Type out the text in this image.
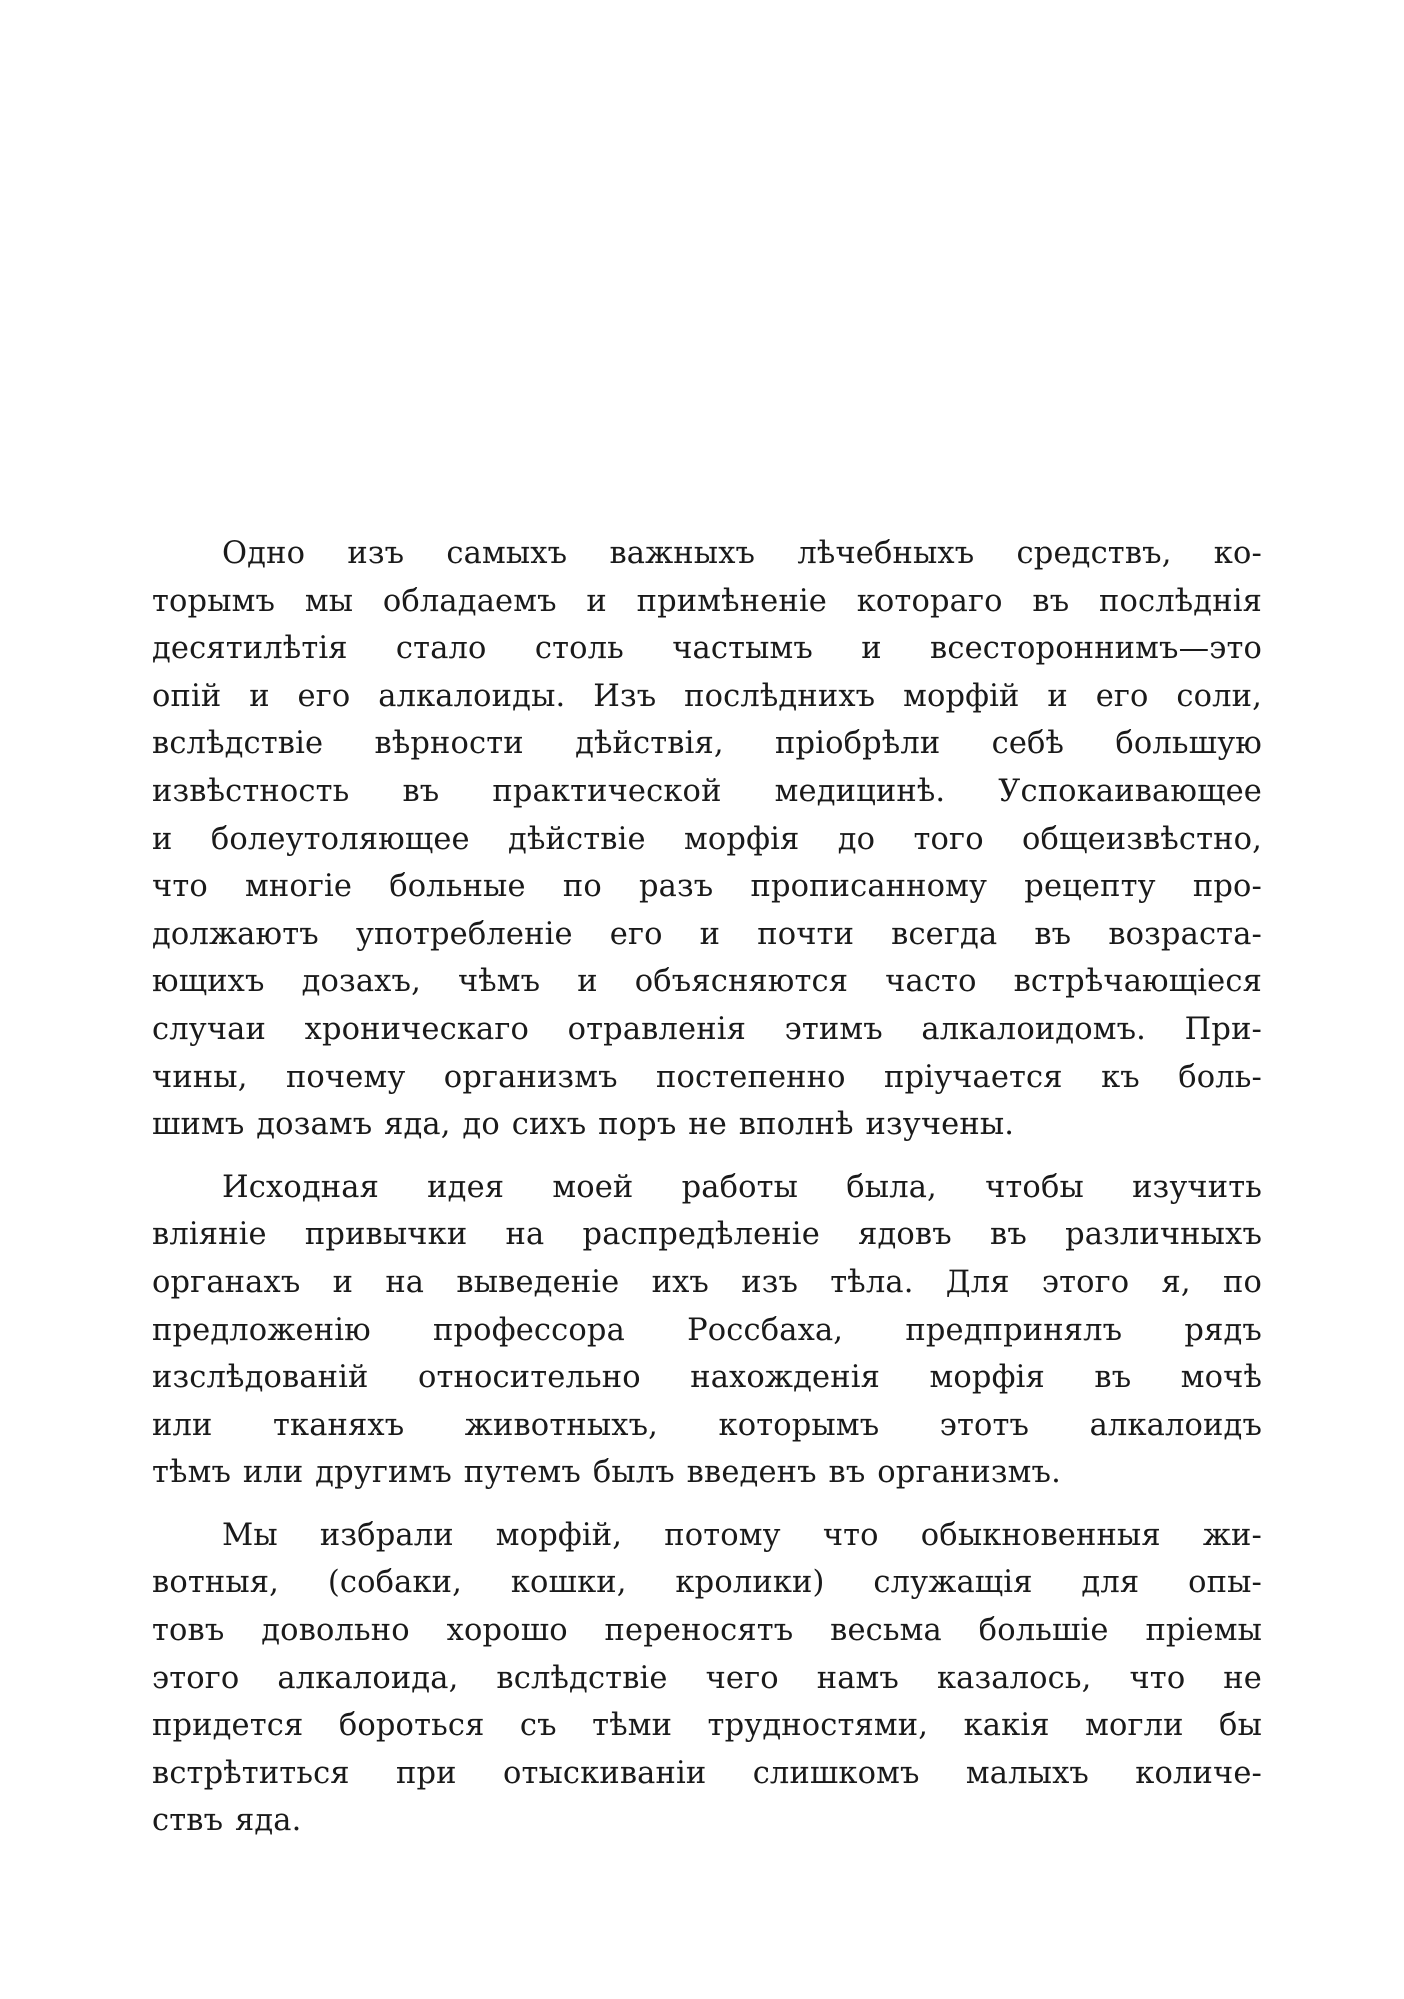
Одно изъ самыхъ важныхъ лѣчебныхъ средствъ, ко-
торымъ мы обладаемъ и примѣненіе котораго въ послѣднія
десятилѣтія стало столь частымъ и всестороннимъ—это
опій и его алкалоиды. Изъ послѣднихъ морфій и его соли,
вслѣдствіе вѣрности дѣйствія, пріобрѣли себѣ большую
извѣстность въ практической медицинѣ. Успокаивающее
и болеутоляющее дѣйствіе морфія до того общеизвѣстно,
что многіе больные по разъ прописанному рецепту про-
должаютъ употребленіе его и почти всегда въ возраста-
ющихъ дозахъ, чѣмъ и объясняются часто встрѣчающіеся
случаи хроническаго отравленія этимъ алкалоидомъ. При-
чины, почему организмъ постепенно пріучается къ боль-
шимъ дозамъ яда, до сихъ поръ не вполнѣ изучены.
Исходная идея моей работы была, чтобы изучить
вліяніе привычки на распредѣленіе ядовъ въ различныхъ
органахъ и на выведеніе ихъ изъ тѣла. Для этого я, по
предложенію профессора Россбаха, предпринялъ рядъ
изслѣдованій относительно нахожденія морфія въ мочѣ
или тканяхъ животныхъ, которымъ этотъ алкалоидъ
тѣмъ или другимъ путемъ былъ введенъ въ организмъ.
Мы избрали морфій, потому что обыкновенныя жи-
вотныя, (собаки, кошки, кролики) служащія для опы-
товъ довольно хорошо переносятъ весьма большіе пріемы
этого алкалоида, вслѣдствіе чего намъ казалось, что не
придется бороться съ тѣми трудностями, какія могли бы
встрѣтиться при отыскиваніи слишкомъ малыхъ количе-
ствъ яда.
